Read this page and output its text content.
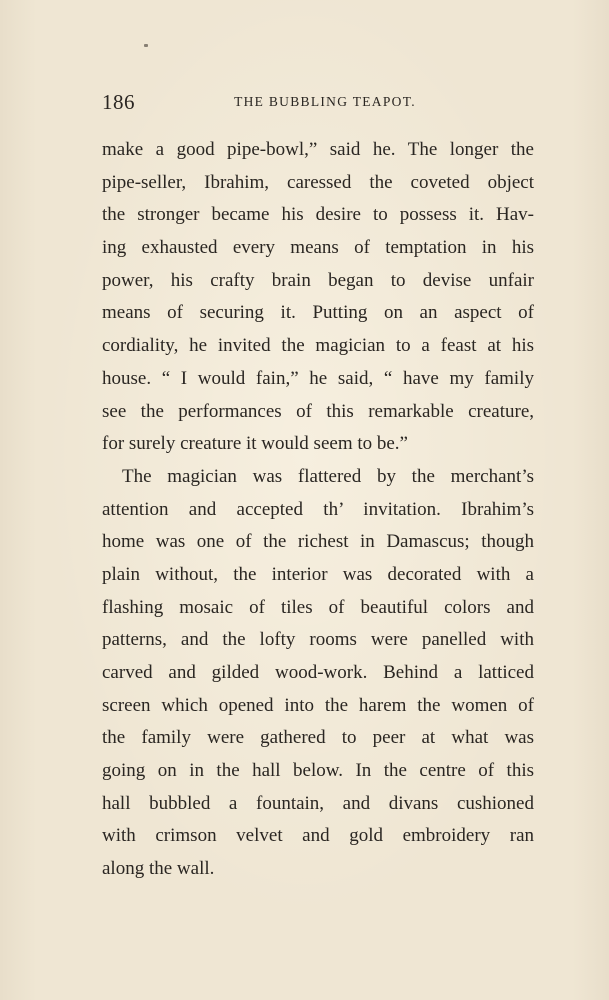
186	THE BUBBLING TEAPOT.
make a good pipe-bowl,” said he. The longer the
pipe-seller, Ibrahim, caressed the coveted object
the stronger became his desire to possess it. Hav-
ing exhausted every means of temptation in his
power, his crafty brain began to devise unfair
means of securing it. Putting on an aspect of
cordiality, he invited the magician to a feast at his
house. “ I would fain,” he said, “ have my family
see the performances of this remarkable creature,
for surely creature it would seem to be.”
The magician was flattered by the merchant’s
attention and accepted th’ invitation. Ibrahim’s
home was one of the richest in Damascus; though
plain without, the interior was decorated with a
flashing mosaic of tiles of beautiful colors and
patterns, and the lofty rooms were panelled with
carved and gilded wood-work. Behind a latticed
screen which opened into the harem the women of
the family were gathered to peer at what was
going on in the hall below. In the centre of this
hall bubbled a fountain, and divans cushioned
with crimson velvet and gold embroidery ran
along the wall.
